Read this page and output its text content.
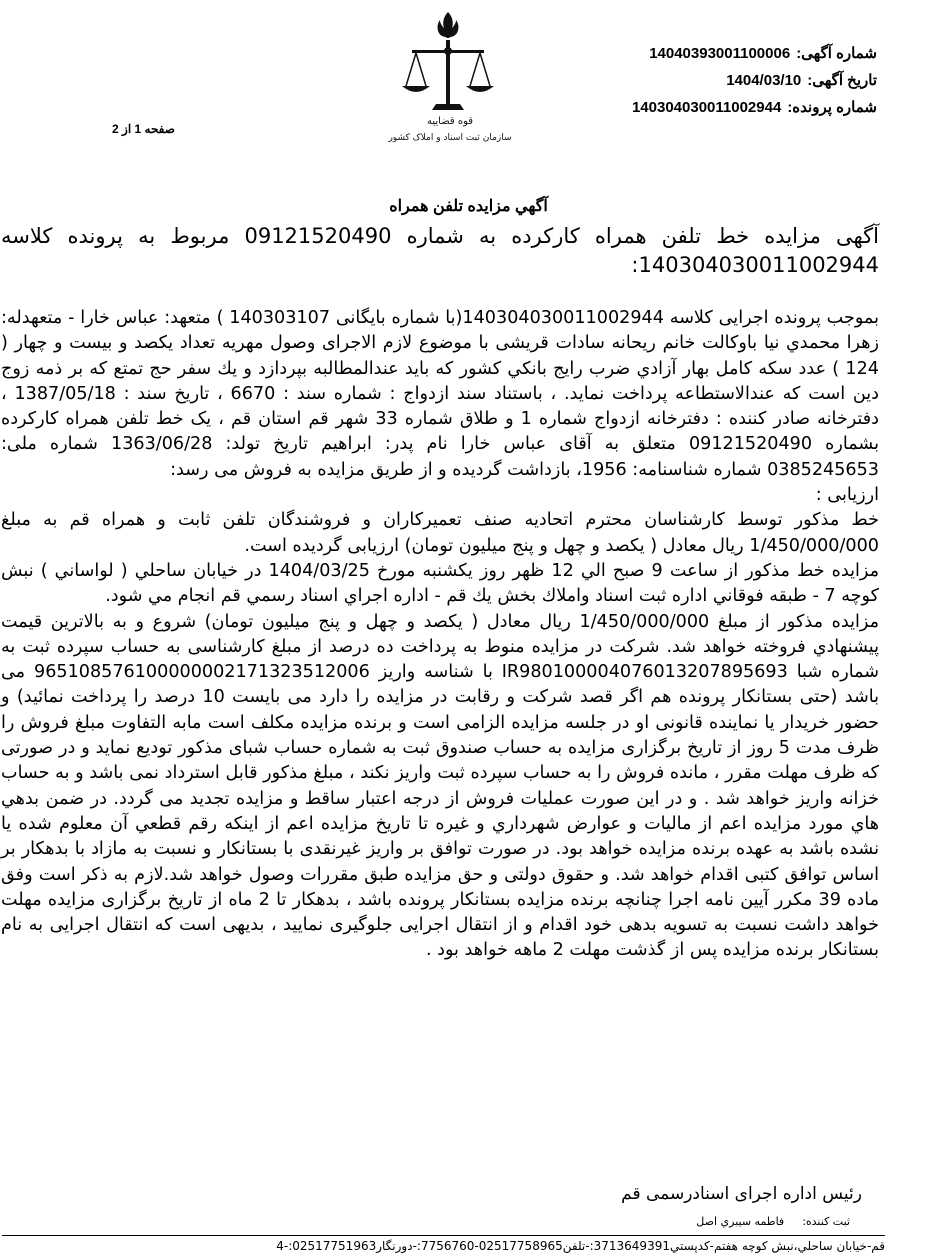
شماره آگهی:14040393001100006
تاریخ آگهی:1404/03/10
شماره پرونده:140304030011002944
قوه قضاییه
سازمان ثبت اسناد و املاک کشور
صفحه 1 از 2
آگهي مزايده تلفن همراه
آگهی مزایده خط تلفن همراه کارکرده به شماره 09121520490 مربوط به پرونده کلاسه 140304030011002944:

بموجب پرونده اجرایی کلاسه 140304030011002944(با شماره بایگانی 140303107 ) متعهد: عباس خارا - متعهدله: زهرا محمدي نيا باوكالت خانم ريحانه سادات قريشی با موضوع لازم الاجرای وصول مهریه تعداد يكصد و بيست و چهار ( 124 ) عدد سكه كامل بهار آزادي ضرب رايج بانكي كشور كه بايد عندالمطالبه بپردازد و يك سفر حج تمتع كه بر ذمه زوج دين است كه عندالاستطاعه پرداخت نمايد. ، باستناد سند ازدواج : شماره سند : 6670 ، تاریخ سند : 1387/05/18 ، دفترخانه صادر کننده : دفترخانه ازدواج شماره 1 و طلاق شماره 33 شهر قم استان قم ، یک خط تلفن همراه کارکرده بشماره 09121520490 متعلق به آقای عباس خارا نام پدر: ابراهیم تاریخ تولد: 1363/06/28 شماره ملی: 0385245653 شماره شناسنامه: 1956، بازداشت گردیده و از طریق مزایده به فروش می رسد:

ارزیابی :

خط مذکور توسط کارشناسان محترم اتحادیه صنف تعمیرکاران و فروشندگان تلفن ثابت و همراه قم به مبلغ 1/450/000/000 ریال معادل ( یکصد و چهل و پنج میلیون تومان) ارزیابی گردیده است.

مزایده خط مذکور از ساعت 9 صبح الي 12 ظهر روز یکشنبه مورخ 1404/03/25 در خيابان ساحلي ( لواساني ) نبش كوچه 7 - طبقه فوقاني اداره ثبت اسناد واملاك بخش يك قم - اداره اجراي اسناد رسمي قم انجام مي شود.

مزایده مذکور از مبلغ 1/450/000/000 ریال معادل ( یکصد و چهل و پنج میلیون تومان) شروع و به بالاترین قیمت پیشنهادي فروخته خواهد شد. شرکت در مزایده منوط به پرداخت ده درصد از مبلغ کارشناسی به حساب سپرده ثبت به شماره شبا IR980100004076013207895693 با شناسه واریز 965108576100000002171323512006 می باشد (حتی بستانکار پرونده هم اگر قصد شرکت و رقابت در مزایده را دارد می بایست 10 درصد را پرداخت نمائید) و حضور خریدار یا نماینده قانونی او در جلسه مزایده الزامی است و برنده مزایده مکلف است مابه التفاوت مبلغ فروش را ظرف مدت 5 روز از تاریخ برگزاری مزایده به حساب صندوق ثبت به شماره حساب شبای مذکور تودیع نماید و در صورتی که ظرف مهلت مقرر ، مانده فروش را به حساب سپرده ثبت واریز نکند ، مبلغ مذکور قابل استرداد نمی باشد و به حساب خزانه واریز خواهد شد . و در این صورت عملیات فروش از درجه اعتبار ساقط و مزایده تجدید می گردد. در ضمن بدهي هاي مورد مزايده اعم از ماليات و عوارض شهرداري و غيره تا تاريخ مزايده اعم از اينكه رقم قطعي آن معلوم شده يا نشده باشد به عهده برنده مزايده خواهد بود. در صورت توافق بر واریز غیرنقدی با بستانکار و نسبت به مازاد با بدهکار بر اساس توافق کتبی اقدام خواهد شد. و حقوق دولتی و حق مزایده طبق مقررات وصول خواهد شد.لازم به ذکر است وفق ماده 39 مکرر آیین نامه اجرا چنانچه برنده مزایده بستانکار پرونده باشد ، بدهکار تا 2 ماه از تاریخ برگزاری مزایده مهلت خواهد داشت نسبت به تسویه بدهی خود اقدام و از انتقال اجرایی جلوگیری نمایید ، بدیهی است که انتقال اجرایی به نام بستانکار برنده مزایده پس از گذشت مهلت 2 ماهه خواهد بود .

رئیس اداره اجرای اسنادرسمی قم
ثبت کننده:فاطمه سيبري اصل
قم-خيابان ساحلي،نبش كوچه هفتم-كدپستي3713649391:-تلفن02517758965-7756760:-دورنگار02517751963:-4
